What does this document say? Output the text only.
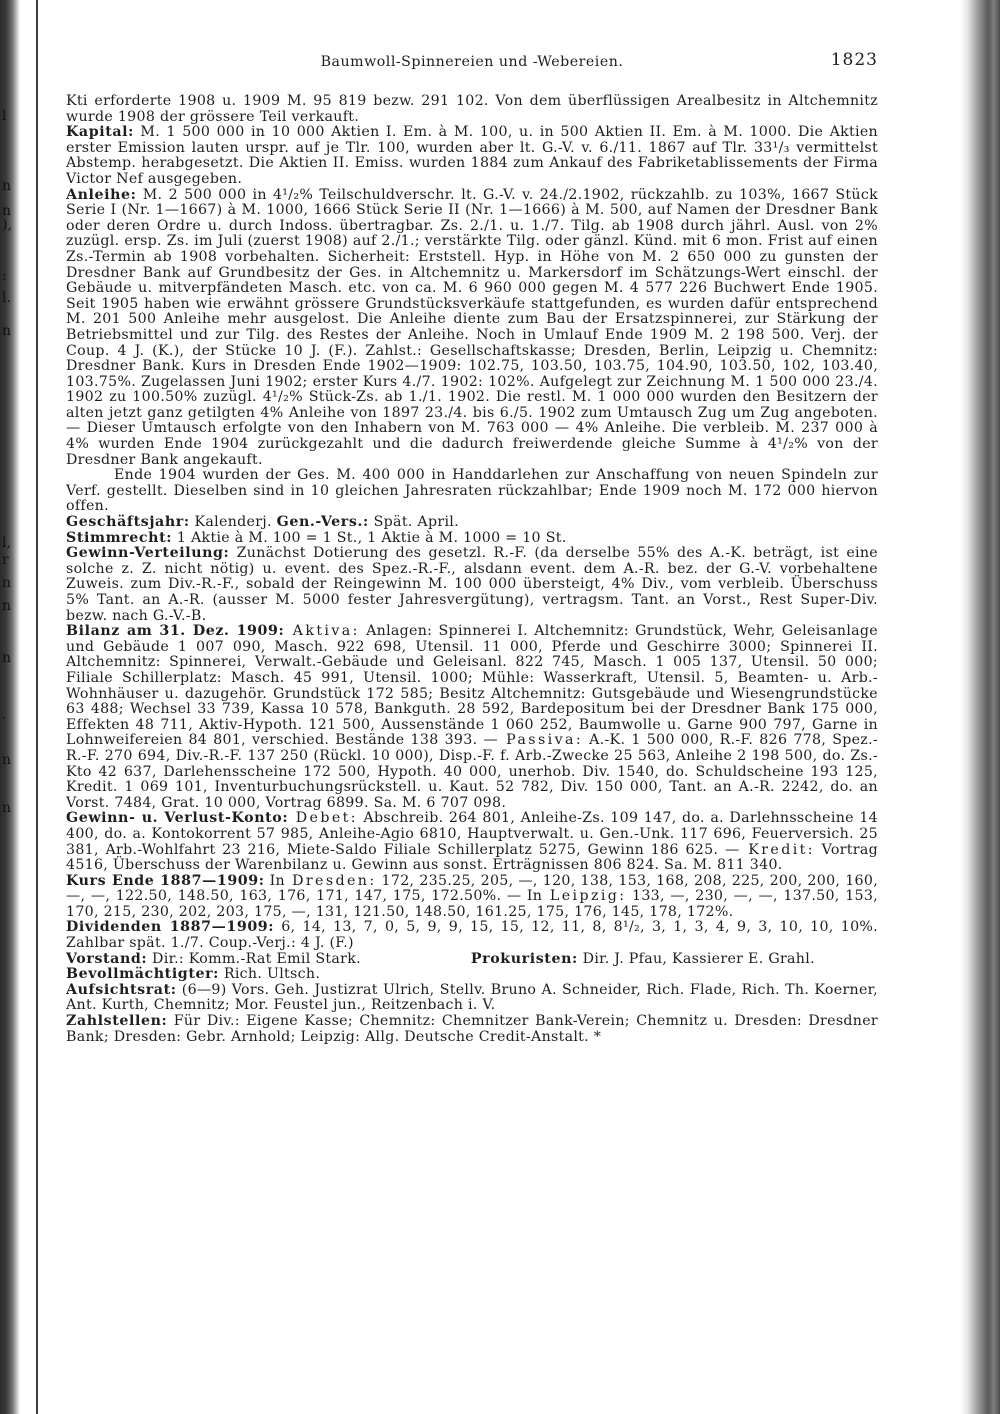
l
n
n
),
:
l.
n
l,
r
n
n
n
.
n
n
Baumwoll-Spinnereien und -Webereien.	1823

Kti erforderte 1908 u. 1909 M. 95 819 bezw. 291 102. Von dem überflüssigen Arealbesitz in Altchemnitz wurde 1908 der grössere Teil verkauft.

Kapital: M. 1 500 000 in 10 000 Aktien I. Em. à M. 100, u. in 500 Aktien II. Em. à M. 1000. Die Aktien erster Emission lauten urspr. auf je Tlr. 100, wurden aber lt. G.-V. v. 6./11. 1867 auf Tlr. 33¹/₃ vermittelst Abstemp. herabgesetzt. Die Aktien II. Emiss. wurden 1884 zum Ankauf des Fabriketablissements der Firma Victor Nef ausgegeben.

Anleihe: M. 2 500 000 in 4¹/₂% Teilschuldverschr. lt. G.-V. v. 24./2.1902, rückzahlb. zu 103%, 1667 Stück Serie I (Nr. 1—1667) à M. 1000, 1666 Stück Serie II (Nr. 1—1666) à M. 500, auf Namen der Dresdner Bank oder deren Ordre u. durch Indoss. übertragbar. Zs. 2./1. u. 1./7. Tilg. ab 1908 durch jährl. Ausl. von 2% zuzügl. ersp. Zs. im Juli (zuerst 1908) auf 2./1.; verstärkte Tilg. oder gänzl. Künd. mit 6 mon. Frist auf einen Zs.-Termin ab 1908 vorbehalten. Sicherheit: Erststell. Hyp. in Höhe von M. 2 650 000 zu gunsten der Dresdner Bank auf Grundbesitz der Ges. in Altchemnitz u. Markersdorf im Schätzungs-Wert einschl. der Gebäude u. mitverpfändeten Masch. etc. von ca. M. 6 960 000 gegen M. 4 577 226 Buchwert Ende 1905. Seit 1905 haben wie erwähnt grössere Grundstücksverkäufe stattgefunden, es wurden dafür entsprechend M. 201 500 Anleihe mehr ausgelost. Die Anleihe diente zum Bau der Ersatzspinnerei, zur Stärkung der Betriebsmittel und zur Tilg. des Restes der Anleihe. Noch in Umlauf Ende 1909 M. 2 198 500. Verj. der Coup. 4 J. (K.), der Stücke 10 J. (F.). Zahlst.: Gesellschaftskasse; Dresden, Berlin, Leipzig u. Chemnitz: Dresdner Bank. Kurs in Dresden Ende 1902—1909: 102.75, 103.50, 103.75, 104.90, 103.50, 102, 103.40, 103.75%. Zugelassen Juni 1902; erster Kurs 4./7. 1902: 102%. Aufgelegt zur Zeichnung M. 1 500 000 23./4. 1902 zu 100.50% zuzügl. 4¹/₂% Stück-Zs. ab 1./1. 1902. Die restl. M. 1 000 000 wurden den Besitzern der alten jetzt ganz getilgten 4% Anleihe von 1897 23./4. bis 6./5. 1902 zum Umtausch Zug um Zug angeboten. — Dieser Umtausch erfolgte von den Inhabern von M. 763 000 — 4% Anleihe. Die verbleib. M. 237 000 à 4% wurden Ende 1904 zurückgezahlt und die dadurch freiwerdende gleiche Summe à 4¹/₂% von der Dresdner Bank angekauft.

Ende 1904 wurden der Ges. M. 400 000 in Handdarlehen zur Anschaffung von neuen Spindeln zur Verf. gestellt. Dieselben sind in 10 gleichen Jahresraten rückzahlbar; Ende 1909 noch M. 172 000 hiervon offen.

Geschäftsjahr: Kalenderj. Gen.-Vers.: Spät. April.

Stimmrecht: 1 Aktie à M. 100 = 1 St., 1 Aktie à M. 1000 = 10 St.

Gewinn-Verteilung: Zunächst Dotierung des gesetzl. R.-F. (da derselbe 55% des A.-K. beträgt, ist eine solche z. Z. nicht nötig) u. event. des Spez.-R.-F., alsdann event. dem A.-R. bez. der G.-V. vorbehaltene Zuweis. zum Div.-R.-F., sobald der Reingewinn M. 100 000 übersteigt, 4% Div., vom verbleib. Überschuss 5% Tant. an A.-R. (ausser M. 5000 fester Jahresvergütung), vertragsm. Tant. an Vorst., Rest Super-Div. bezw. nach G.-V.-B.

Bilanz am 31. Dez. 1909: Aktiva: Anlagen: Spinnerei I. Altchemnitz: Grundstück, Wehr, Geleisanlage und Gebäude 1 007 090, Masch. 922 698, Utensil. 11 000, Pferde und Geschirre 3000; Spinnerei II. Altchemnitz: Spinnerei, Verwalt.-Gebäude und Geleisanl. 822 745, Masch. 1 005 137, Utensil. 50 000; Filiale Schillerplatz: Masch. 45 991, Utensil. 1000; Mühle: Wasserkraft, Utensil. 5, Beamten- u. Arb.-Wohnhäuser u. dazugehör. Grundstück 172 585; Besitz Altchemnitz: Gutsgebäude und Wiesengrundstücke 63 488; Wechsel 33 739, Kassa 10 578, Bankguth. 28 592, Bardepositum bei der Dresdner Bank 175 000, Effekten 48 711, Aktiv-Hypoth. 121 500, Aussenstände 1 060 252, Baumwolle u. Garne 900 797, Garne in Lohnweifereien 84 801, verschied. Bestände 138 393. — Passiva: A.-K. 1 500 000, R.-F. 826 778, Spez.-R.-F. 270 694, Div.-R.-F. 137 250 (Rückl. 10 000), Disp.-F. f. Arb.-Zwecke 25 563, Anleihe 2 198 500, do. Zs.-Kto 42 637, Darlehensscheine 172 500, Hypoth. 40 000, unerhob. Div. 1540, do. Schuldscheine 193 125, Kredit. 1 069 101, Inventurbuchungsrückstell. u. Kaut. 52 782, Div. 150 000, Tant. an A.-R. 2242, do. an Vorst. 7484, Grat. 10 000, Vortrag 6899. Sa. M. 6 707 098.

Gewinn- u. Verlust-Konto: Debet: Abschreib. 264 801, Anleihe-Zs. 109 147, do. a. Darlehnsscheine 14 400, do. a. Kontokorrent 57 985, Anleihe-Agio 6810, Hauptverwalt. u. Gen.-Unk. 117 696, Feuerversich. 25 381, Arb.-Wohlfahrt 23 216, Miete-Saldo Filiale Schillerplatz 5275, Gewinn 186 625. — Kredit: Vortrag 4516, Überschuss der Warenbilanz u. Gewinn aus sonst. Erträgnissen 806 824. Sa. M. 811 340.

Kurs Ende 1887—1909: In Dresden: 172, 235.25, 205, —, 120, 138, 153, 168, 208, 225, 200, 200, 160, —, —, 122.50, 148.50, 163, 176, 171, 147, 175, 172.50%. — In Leipzig: 133, —, 230, —, —, 137.50, 153, 170, 215, 230, 202, 203, 175, —, 131, 121.50, 148.50, 161.25, 175, 176, 145, 178, 172%.

Dividenden 1887—1909: 6, 14, 13, 7, 0, 5, 9, 9, 15, 15, 12, 11, 8, 8¹/₂, 3, 1, 3, 4, 9, 3, 10, 10, 10%. Zahlbar spät. 1./7. Coup.-Verj.: 4 J. (F.)

Vorstand: Dir.: Komm.-Rat Emil Stark.	Prokuristen: Dir. J. Pfau, Kassierer E. Grahl.

Bevollmächtigter: Rich. Ultsch.

Aufsichtsrat: (6—9) Vors. Geh. Justizrat Ulrich, Stellv. Bruno A. Schneider, Rich. Flade, Rich. Th. Koerner, Ant. Kurth, Chemnitz; Mor. Feustel jun., Reitzenbach i. V.

Zahlstellen: Für Div.: Eigene Kasse; Chemnitz: Chemnitzer Bank-Verein; Chemnitz u. Dresden: Dresdner Bank; Dresden: Gebr. Arnhold; Leipzig: Allg. Deutsche Credit-Anstalt. *
